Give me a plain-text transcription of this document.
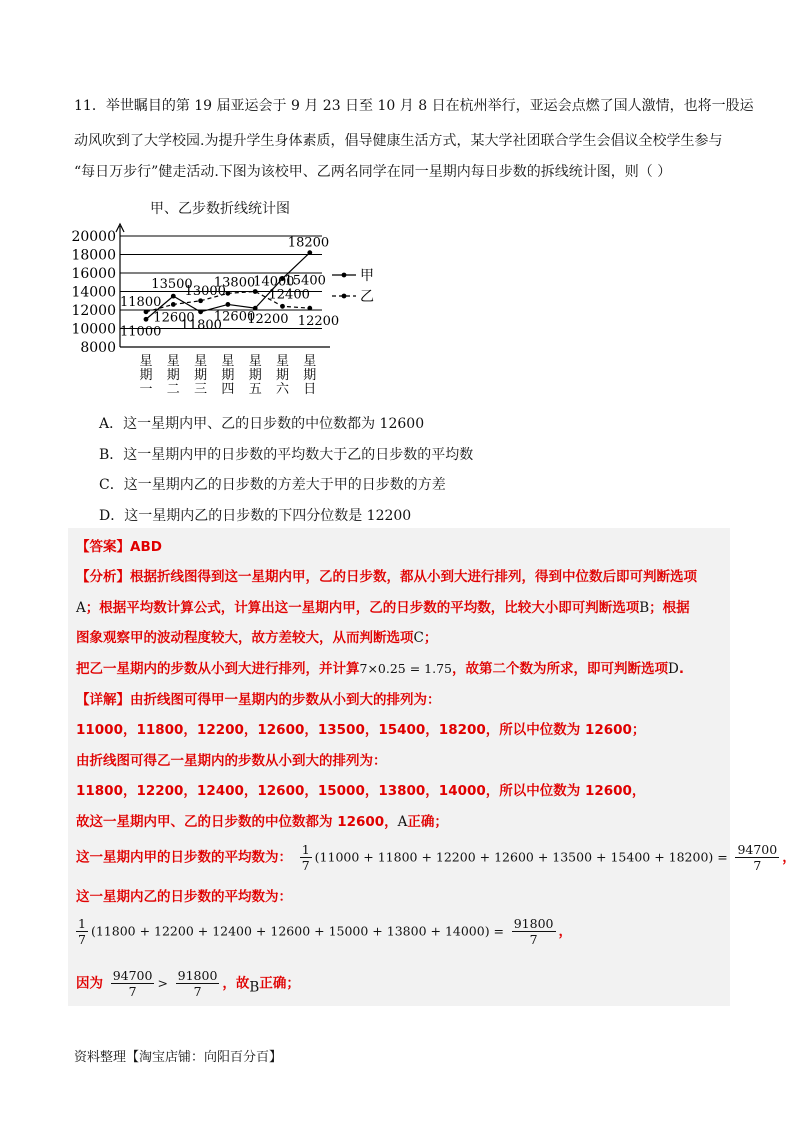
11．举世瞩目的第 19 届亚运会于 9 月 23 日至 10 月 8 日在杭州举行，亚运会点燃了国人激情，也将一股运
动风吹到了大学校园.为提升学生身体素质，倡导健康生活方式，某大学社团联合学生会倡议全校学生参与
“每日万步行”健走活动.下图为该校甲、乙两名同学在同一星期内每日步数的拆线统计图，则（ ）
甲、乙步数折线统计图
8000
10000
12000
14000
16000
18000
20000
星期一
星期二
星期三
星期四
星期五
星期六
星期日
11800
11000
13500
12600
13000
11800
13800
12600
14000
12200
15400
12400
18200
12200
甲
乙
A．这一星期内甲、乙的日步数的中位数都为 12600
B．这一星期内甲的日步数的平均数大于乙的日步数的平均数
C．这一星期内乙的日步数的方差大于甲的日步数的方差
D．这一星期内乙的日步数的下四分位数是 12200
【答案】ABD
【分析】根据折线图得到这一星期内甲，乙的日步数，都从小到大进行排列，得到中位数后即可判断选项
A；根据平均数计算公式，计算出这一星期内甲，乙的日步数的平均数，比较大小即可判断选项B；根据
图象观察甲的波动程度较大，故方差较大，从而判断选项C；
把乙一星期内的步数从小到大进行排列，并计算7×0.25 = 1.75，故第二个数为所求，即可判断选项D.
【详解】由折线图可得甲一星期内的步数从小到大的排列为：
11000，11800，12200，12600，13500，15400，18200，所以中位数为 12600；
由折线图可得乙一星期内的步数从小到大的排列为：
11800，12200，12400，12600，15000，13800，14000，所以中位数为 12600，
故这一星期内甲、乙的日步数的中位数都为 12600，A正确；
这一星期内甲的日步数的平均数为： $\frac{1}{7} (11000 + 11800 + 12200 + 12600 + 13500 + 15400 + 18200) = \frac{94700}{7}$ ，
这一星期内乙的日步数的平均数为：
$\frac{1}{7} (11800 + 12200 + 12400 + 12600 + 15000 + 13800 + 14000) = \frac{91800}{7}$ ，
因为 $\frac{94700}{7} > \frac{91800}{7}$ ，故B正确；
资料整理【淘宝店铺：向阳百分百】
